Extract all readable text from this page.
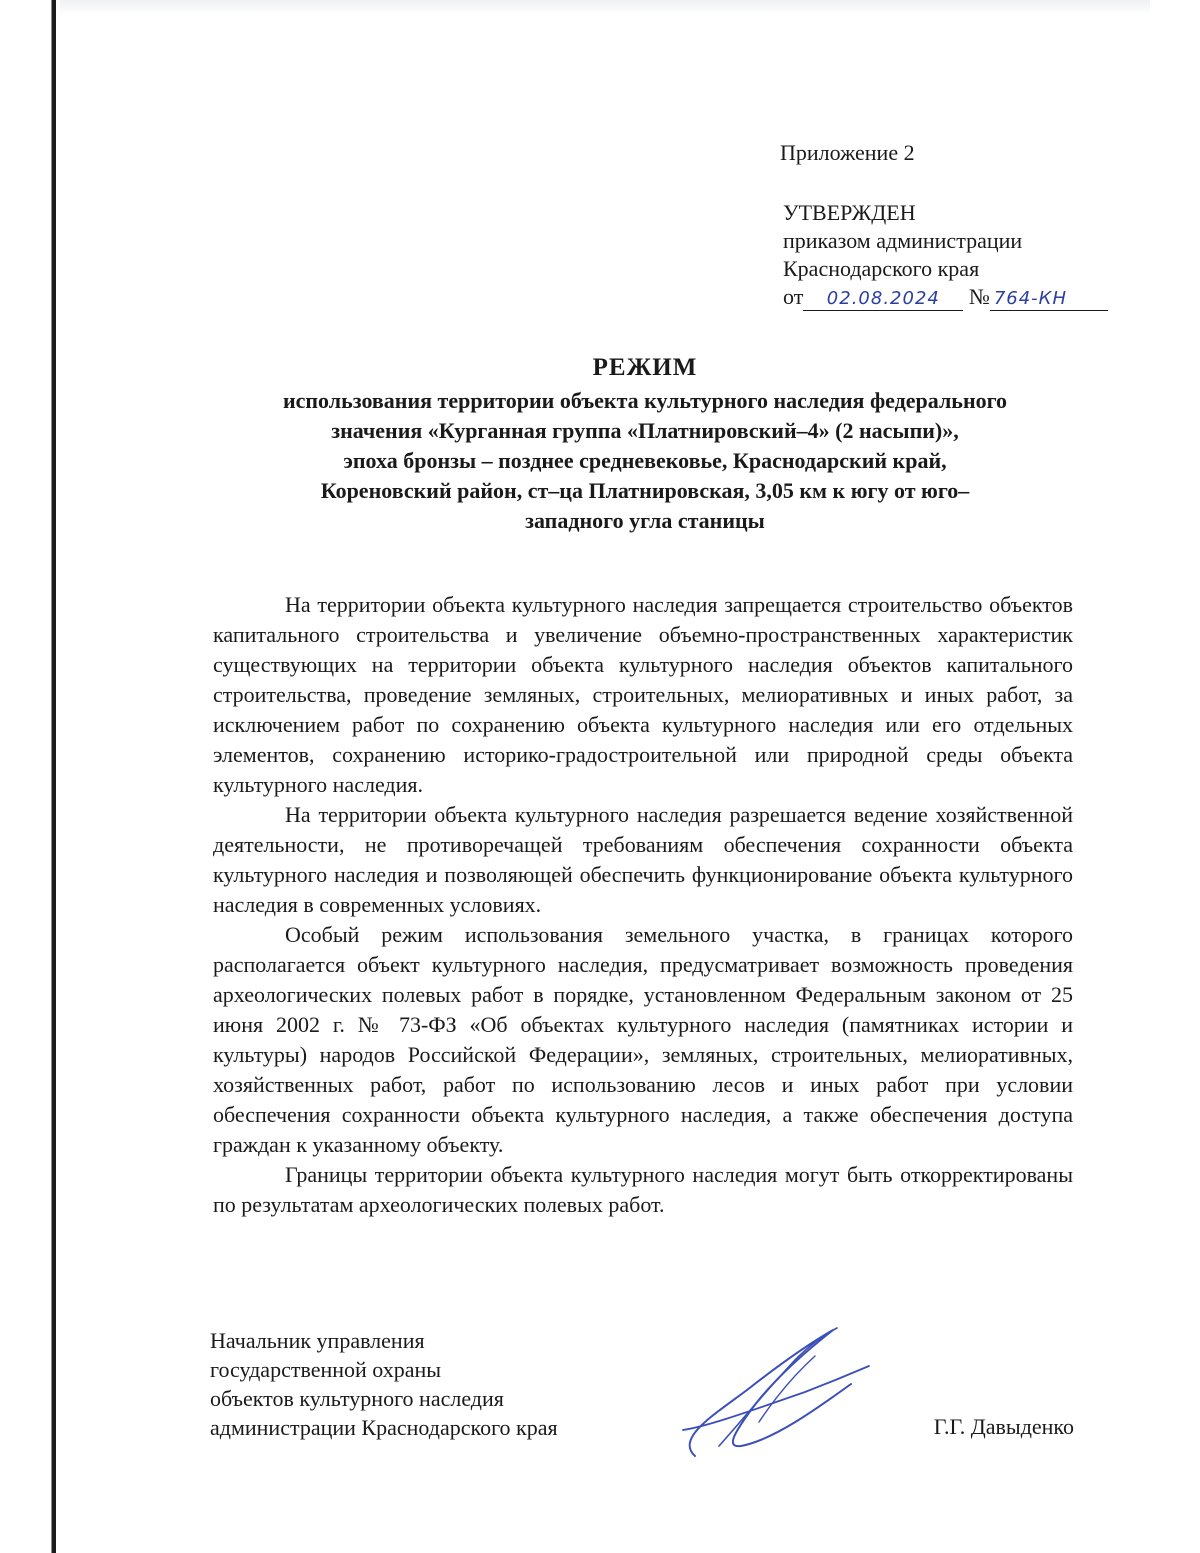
Приложение 2
УТВЕРЖДЕН
приказом администрации
Краснодарского края
от 02.08.2024 № 764-КН
РЕЖИМ
использования территории объекта культурного наследия федерального
значения «Курганная группа «Платнировский–4» (2 насыпи)»,
эпоха бронзы – позднее средневековье, Краснодарский край,
Кореновский район, ст–ца Платнировская, 3,05 км к югу от юго–
западного угла станицы

На территории объекта культурного наследия запрещается строительство объектов капитального строительства и увеличение объемно-пространственных характеристик существующих на территории объекта культурного наследия объектов капитального строительства, проведение земляных, строительных, мелиоративных и иных работ, за исключением работ по сохранению объекта культурного наследия или его отдельных элементов, сохранению историко-градостроительной или природной среды объекта культурного наследия.

На территории объекта культурного наследия разрешается ведение хозяйственной деятельности, не противоречащей требованиям обеспечения сохранности объекта культурного наследия и позволяющей обеспечить функционирование объекта культурного наследия в современных условиях.

Особый режим использования земельного участка, в границах которого располагается объект культурного наследия, предусматривает возможность проведения археологических полевых работ в порядке, установленном Федеральным законом от 25 июня 2002 г. № 73-ФЗ «Об объектах культурного наследия (памятниках истории и культуры) народов Российской Федерации», земляных, строительных, мелиоративных, хозяйственных работ, работ по использованию лесов и иных работ при условии обеспечения сохранности объекта культурного наследия, а также обеспечения доступа граждан к указанному объекту.

Границы территории объекта культурного наследия могут быть откорректированы по результатам археологических полевых работ.

Начальник управления
государственной охраны
объектов культурного наследия
администрации Краснодарского края	Г.Г. Давыденко
